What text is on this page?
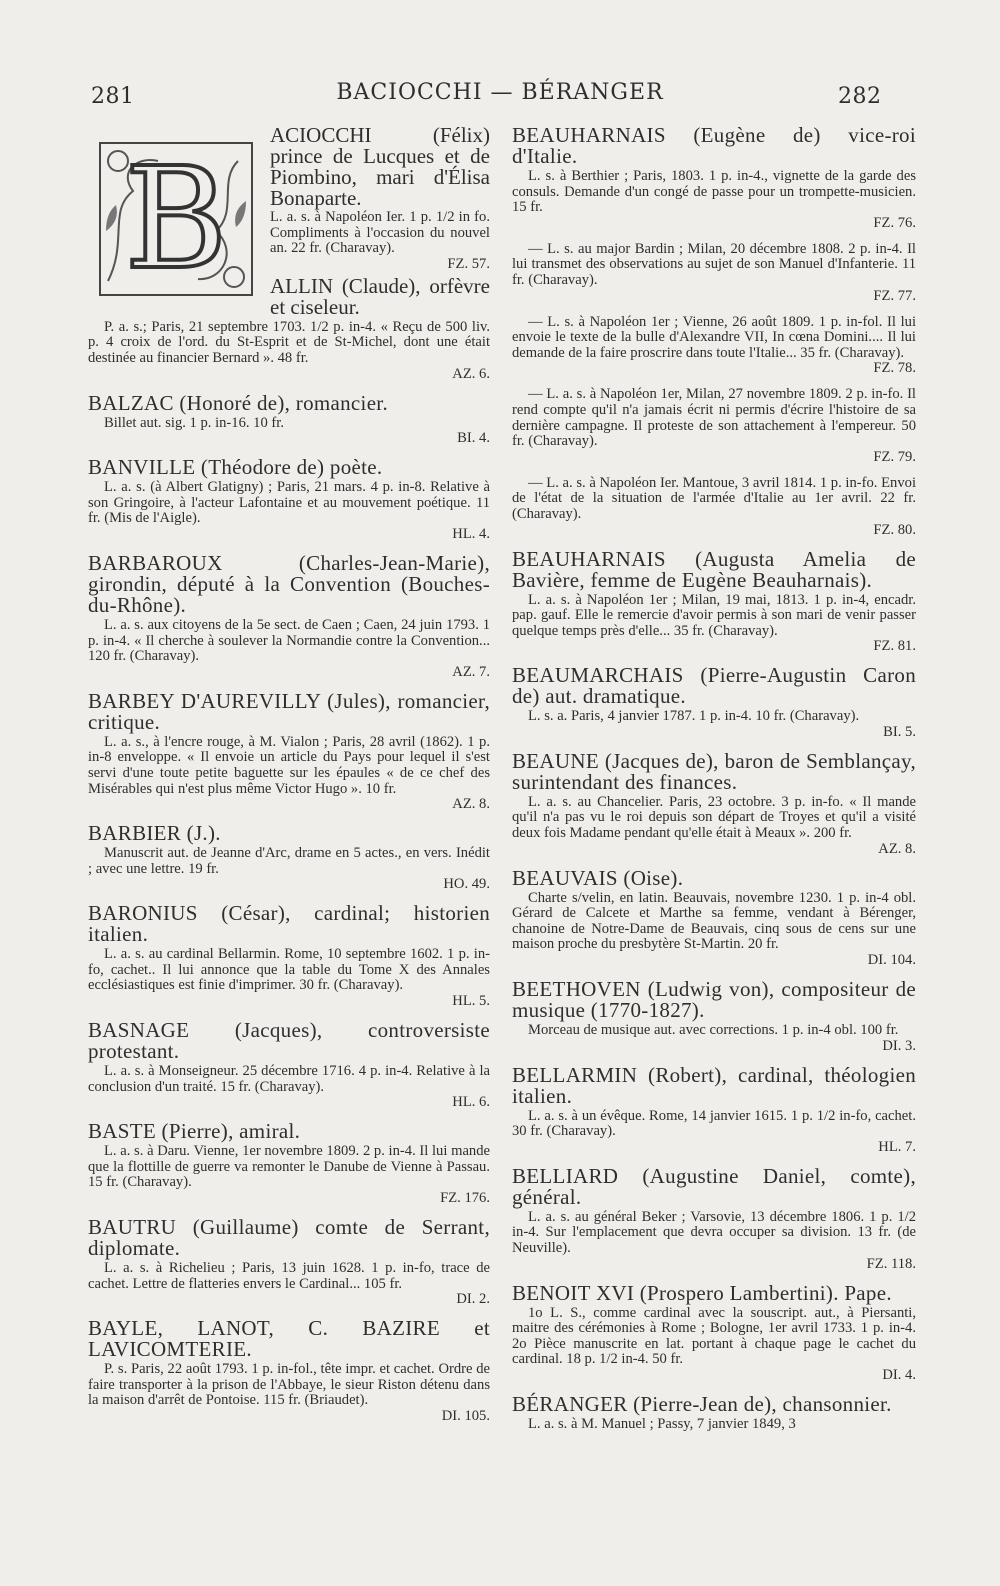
281	BACIOCCHI — BÉRANGER	282
B

ACIOCCHI (Félix) prince de Lucques et de Piombino, mari d'Élisa Bonaparte.

L. a. s. à Napoléon Ier. 1 p. 1/2 in fo. Compliments à l'occasion du nouvel an. 22 fr. (Charavay).

FZ. 57.

ALLIN (Claude), orfèvre et ciseleur.

P. a. s.; Paris, 21 septembre 1703. 1/2 p. in-4. « Reçu de 500 liv. p. 4 croix de l'ord. du St-Esprit et de St-Michel, dont une était destinée au financier Bernard ». 48 fr.

AZ. 6.

BALZAC (Honoré de), romancier.

Billet aut. sig. 1 p. in-16. 10 fr.

BI. 4.

BANVILLE (Théodore de) poète.

L. a. s. (à Albert Glatigny) ; Paris, 21 mars. 4 p. in-8. Relative à son Gringoire, à l'acteur Lafontaine et au mouvement poétique. 11 fr. (Mis de l'Aigle).

HL. 4.

BARBAROUX (Charles-Jean-Marie), girondin, député à la Convention (Bouches-du-Rhône).

L. a. s. aux citoyens de la 5e sect. de Caen ; Caen, 24 juin 1793. 1 p. in-4. « Il cherche à soulever la Normandie contre la Convention... 120 fr. (Charavay).

AZ. 7.

BARBEY D'AUREVILLY (Jules), romancier, critique.

L. a. s., à l'encre rouge, à M. Vialon ; Paris, 28 avril (1862). 1 p. in-8 enveloppe. « Il envoie un article du Pays pour lequel il s'est servi d'une toute petite baguette sur les épaules « de ce chef des Misérables qui n'est plus même Victor Hugo ». 10 fr.

AZ. 8.

BARBIER (J.).

Manuscrit aut. de Jeanne d'Arc, drame en 5 actes., en vers. Inédit ; avec une lettre. 19 fr.

HO. 49.

BARONIUS (César), cardinal; historien italien.

L. a. s. au cardinal Bellarmin. Rome, 10 septembre 1602. 1 p. in-fo, cachet.. Il lui annonce que la table du Tome X des Annales ecclésiastiques est finie d'imprimer. 30 fr. (Charavay).

HL. 5.

BASNAGE (Jacques), controversiste protestant.

L. a. s. à Monseigneur. 25 décembre 1716. 4 p. in-4. Relative à la conclusion d'un traité. 15 fr. (Charavay).

HL. 6.

BASTE (Pierre), amiral.

L. a. s. à Daru. Vienne, 1er novembre 1809. 2 p. in-4. Il lui mande que la flottille de guerre va remonter le Danube de Vienne à Passau. 15 fr. (Charavay).

FZ. 176.

BAUTRU (Guillaume) comte de Serrant, diplomate.

L. a. s. à Richelieu ; Paris, 13 juin 1628. 1 p. in-fo, trace de cachet. Lettre de flatteries envers le Cardinal... 105 fr.

DI. 2.

BAYLE, LANOT, C. BAZIRE et LAVICOMTERIE.

P. s. Paris, 22 août 1793. 1 p. in-fol., tête impr. et cachet. Ordre de faire transporter à la prison de l'Abbaye, le sieur Riston détenu dans la maison d'arrêt de Pontoise. 115 fr. (Briaudet).

DI. 105.

BEAUHARNAIS (Eugène de) vice-roi d'Italie.

L. s. à Berthier ; Paris, 1803. 1 p. in-4., vignette de la garde des consuls. Demande d'un congé de passe pour un trompette-musicien. 15 fr.

FZ. 76.

— L. s. au major Bardin ; Milan, 20 décembre 1808. 2 p. in-4. Il lui transmet des observations au sujet de son Manuel d'Infanterie. 11 fr. (Charavay).

FZ. 77.

— L. s. à Napoléon 1er ; Vienne, 26 août 1809. 1 p. in-fol. Il lui envoie le texte de la bulle d'Alexandre VII, In cœna Domini.... Il lui demande de la faire proscrire dans toute l'Italie... 35 fr. (Charavay).

FZ. 78.

— L. a. s. à Napoléon 1er, Milan, 27 novembre 1809. 2 p. in-fo. Il rend compte qu'il n'a jamais écrit ni permis d'écrire l'histoire de sa dernière campagne. Il proteste de son attachement à l'empereur. 50 fr. (Charavay).

FZ. 79.

— L. a. s. à Napoléon Ier. Mantoue, 3 avril 1814. 1 p. in-fo. Envoi de l'état de la situation de l'armée d'Italie au 1er avril. 22 fr. (Charavay).

FZ. 80.

BEAUHARNAIS (Augusta Amelia de Bavière, femme de Eugène Beauharnais).

L. a. s. à Napoléon 1er ; Milan, 19 mai, 1813. 1 p. in-4, encadr. pap. gauf. Elle le remercie d'avoir permis à son mari de venir passer quelque temps près d'elle... 35 fr. (Charavay).

FZ. 81.

BEAUMARCHAIS (Pierre-Augustin Caron de) aut. dramatique.

L. s. a. Paris, 4 janvier 1787. 1 p. in-4. 10 fr. (Charavay).

BI. 5.

BEAUNE (Jacques de), baron de Semblançay, surintendant des finances.

L. a. s. au Chancelier. Paris, 23 octobre. 3 p. in-fo. « Il mande qu'il n'a pas vu le roi depuis son départ de Troyes et qu'il a visité deux fois Madame pendant qu'elle était à Meaux ». 200 fr.

AZ. 8.

BEAUVAIS (Oise).

Charte s/velin, en latin. Beauvais, novembre 1230. 1 p. in-4 obl. Gérard de Calcete et Marthe sa femme, vendant à Bérenger, chanoine de Notre-Dame de Beauvais, cinq sous de cens sur une maison proche du presbytère St-Martin. 20 fr.

DI. 104.

BEETHOVEN (Ludwig von), compositeur de musique (1770-1827).

Morceau de musique aut. avec corrections. 1 p. in-4 obl. 100 fr.

DI. 3.

BELLARMIN (Robert), cardinal, théologien italien.

L. a. s. à un évêque. Rome, 14 janvier 1615. 1 p. 1/2 in-fo, cachet. 30 fr. (Charavay).

HL. 7.

BELLIARD (Augustine Daniel, comte), général.

L. a. s. au général Beker ; Varsovie, 13 décembre 1806. 1 p. 1/2 in-4. Sur l'emplacement que devra occuper sa division. 13 fr. (de Neuville).

FZ. 118.

BENOIT XVI (Prospero Lambertini). Pape.

1o L. S., comme cardinal avec la souscript. aut., à Piersanti, maitre des cérémonies à Rome ; Bologne, 1er avril 1733. 1 p. in-4. 2o Pièce manuscrite en lat. portant à chaque page le cachet du cardinal. 18 p. 1/2 in-4. 50 fr.

DI. 4.

BÉRANGER (Pierre-Jean de), chansonnier.

L. a. s. à M. Manuel ; Passy, 7 janvier 1849, 3
